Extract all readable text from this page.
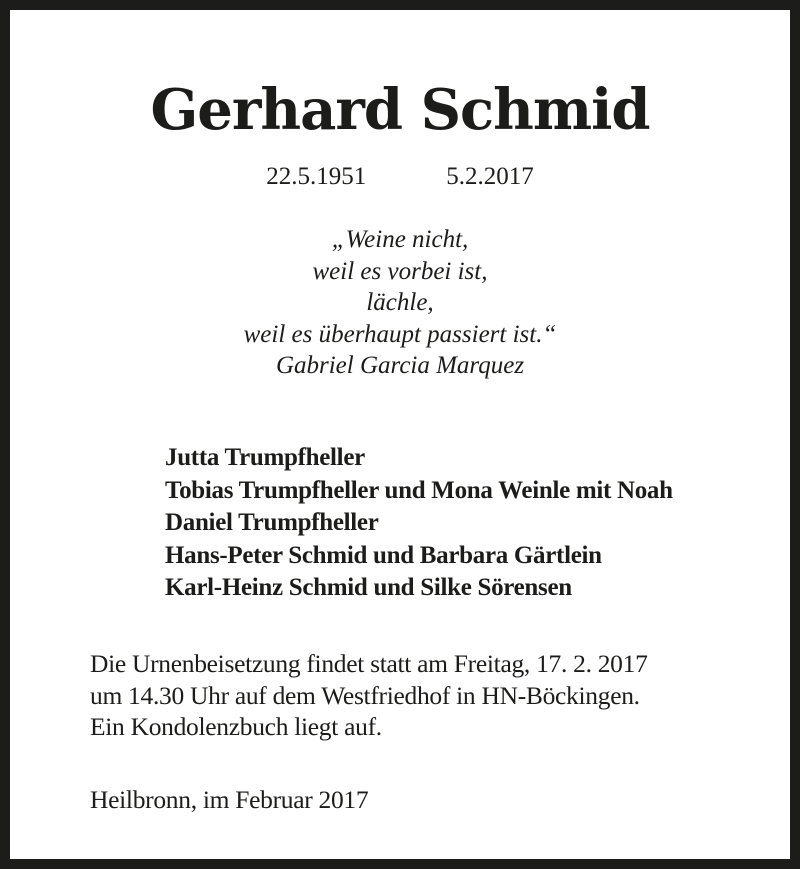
Gerhard Schmid
22.5.1951	5.2.2017
„Weine nicht,
weil es vorbei ist,
lächle,
weil es überhaupt passiert ist.“
Gabriel Garcia Marquez
Jutta Trumpfheller
Tobias Trumpfheller und Mona Weinle mit Noah
Daniel Trumpfheller
Hans-Peter Schmid und Barbara Gärtlein
Karl-Heinz Schmid und Silke Sörensen
Die Urnenbeisetzung findet statt am Freitag, 17. 2. 2017
um 14.30 Uhr auf dem Westfriedhof in HN-Böckingen.
Ein Kondolenzbuch liegt auf.
Heilbronn, im Februar 2017
